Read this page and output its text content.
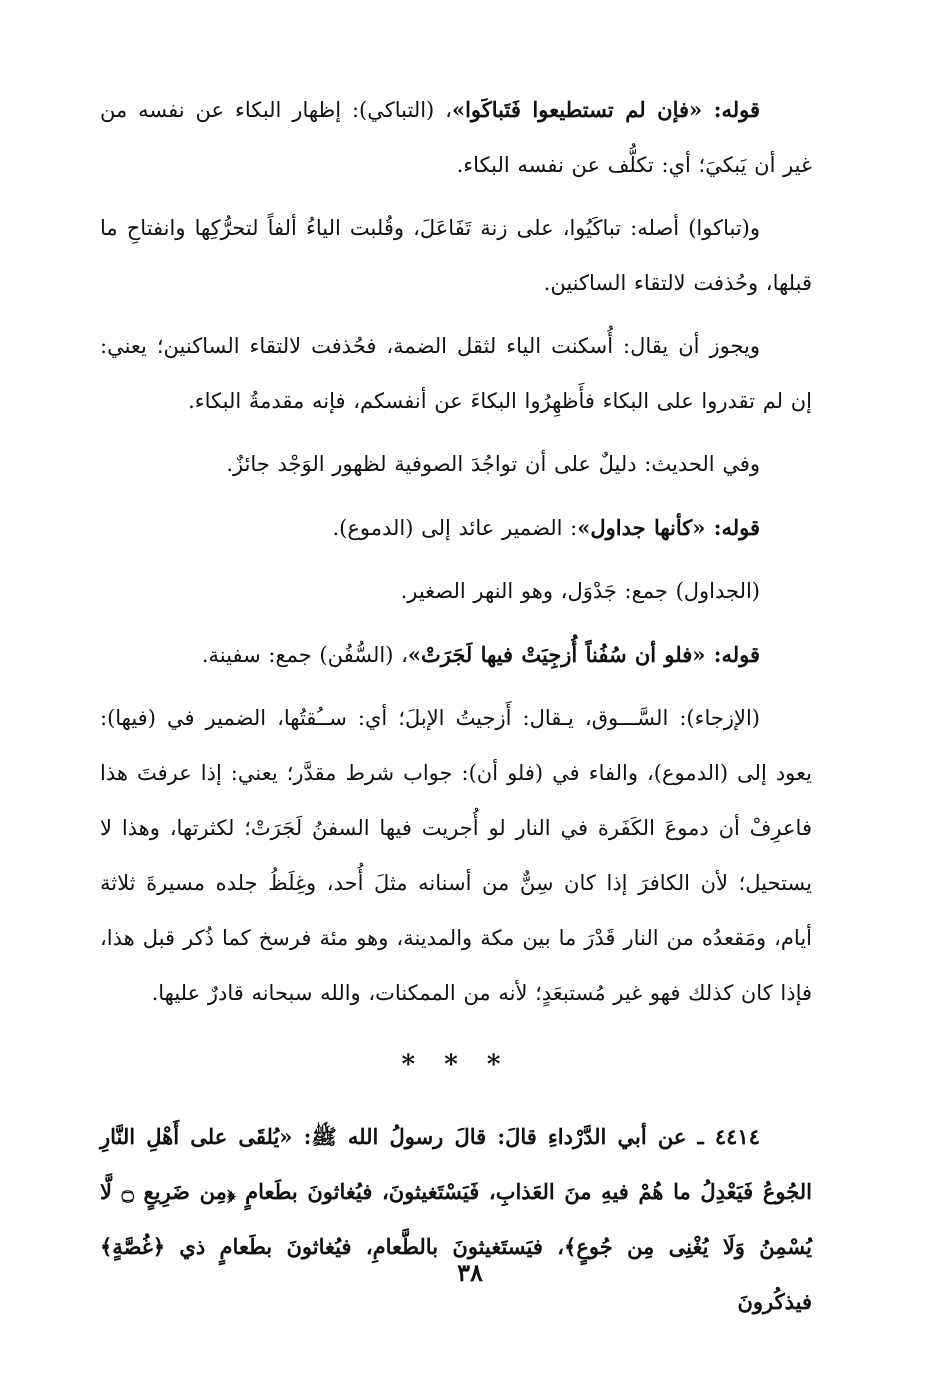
قوله: «فإن لم تستطيعوا فَتَباكَوا»، (التباكي): إظهار البكاء عن نفسه من غير أن يَبكيَ؛ أي: تكلُّف عن نفسه البكاء.

و(تباكوا) أصله: تباكَيُوا، على زنة تَفَاعَلَ، وقُلبت الياءُ ألفاً لتحرُّكِها وانفتاحِ ما قبلها، وحُذفت لالتقاء الساكنين.

ويجوز أن يقال: أُسكنت الياء لثقل الضمة، فحُذفت لالتقاء الساكنين؛ يعني: إن لم تقدروا على البكاء فأَظهِرُوا البكاءَ عن أنفسكم، فإنه مقدمةُ البكاء.

وفي الحديث: دليلٌ على أن تواجُدَ الصوفية لظهور الوَجْد جائزٌ.

قوله: «كأنها جداول»: الضمير عائد إلى (الدموع).

(الجداول) جمع: جَدْوَل، وهو النهر الصغير.

قوله: «فلو أن سُفُناً أُزجِيَتْ فيها لَجَرَتْ»، (السُّفُن) جمع: سفينة.

(الإزجاء): السَّـــوق، يـقال: أَزجيتُ الإبلَ؛ أي: ســُقتُها، الضمير في (فيها): يعود إلى (الدموع)، والفاء في (فلو أن): جواب شرط مقدَّر؛ يعني: إذا عرفتَ هذا فاعرِفْ أن دموعَ الكَفَرة في النار لو أُجريت فيها السفنُ لَجَرَتْ؛ لكثرتها، وهذا لا يستحيل؛ لأن الكافرَ إذا كان سِنٌّ من أسنانه مثلَ أُحد، وغِلَظُ جلده مسيرةَ ثلاثة أيام، ومَقعدُه من النار قَدْرَ ما بين مكة والمدينة، وهو مئة فرسخ كما ذُكر قبل هذا، فإذا كان كذلك فهو غير مُستبعَدٍ؛ لأنه من الممكنات، والله سبحانه قادرٌ عليها.

* * *

٤٤١٤ ـ عن أبي الدَّرْداءِ قالَ: قالَ رسولُ الله ﷺ: «يُلقَى على أَهْلِ النَّارِ الجُوعُ فَيَعْدِلُ ما هُمْ فيهِ منَ العَذابِ، فَيَسْتَغيثونَ، فيُغاثونَ بطَعامٍ ﴿مِن ضَرِيعٍ ۝ لَّا يُسْمِنُ وَلَا يُغْنِى مِن جُوعٍ﴾، فيَستَغيثونَ بالطَّعامِ، فيُغاثونَ بطَعامٍ ذي ﴿غُصَّةٍ﴾ فيذكُرونَ

٣٨
